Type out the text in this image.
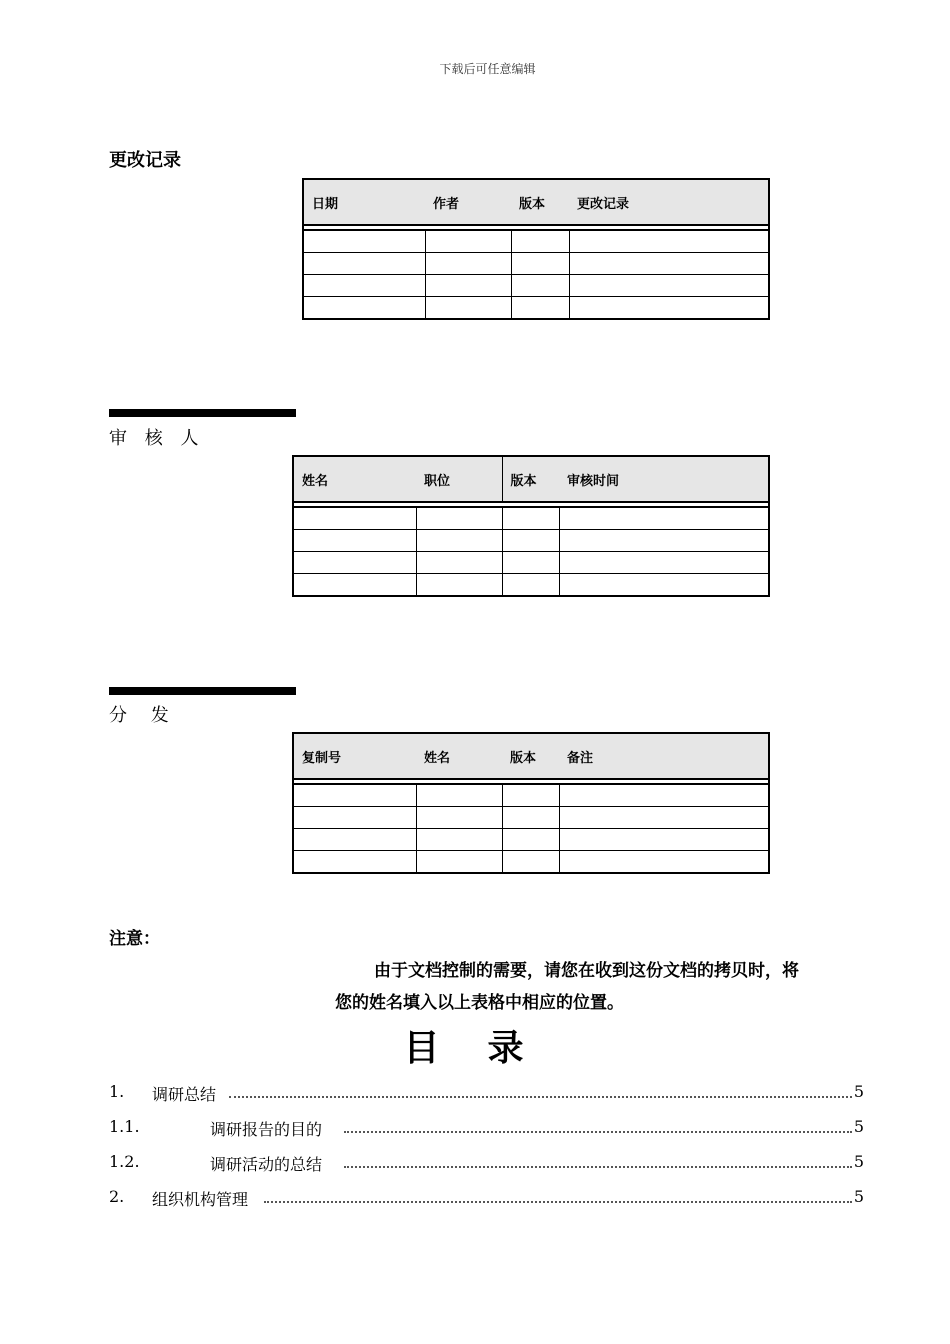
下载后可任意编辑
更改记录
日期	作者	版本	更改记录

审 核 人
姓名	职位	版本	审核时间

分　 发
复制号	姓名	版本	备注

注意：
由于文档控制的需要，请您在收到这份文档的拷贝时，将
您的姓名填入以上表格中相应的位置。
目录
1. 调研总结	5
1.1.	调研报告的目的	5
1.2.	调研活动的总结	5
2. 组织机构管理	5
